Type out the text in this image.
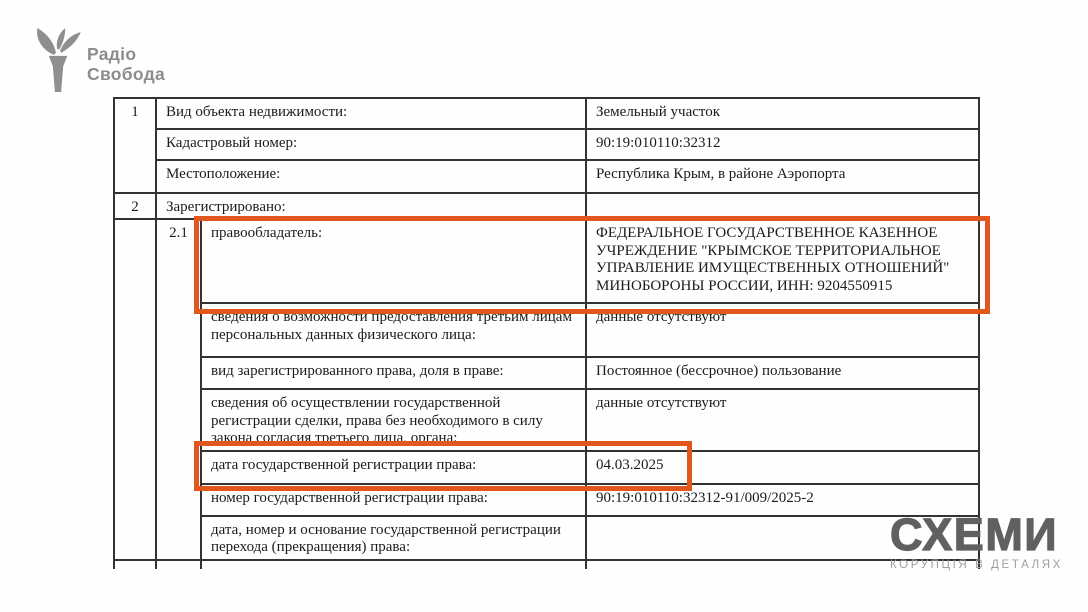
Радіо
Свобода
1	Вид объекта недвижимости:		Земельный участок
	Кадастровый номер:		90:19:010110:32312
	Местоположение:		Республика Крым, в районе Аэропорта
2	Зарегистрировано:		
	2.1	правообладатель:	ФЕДЕРАЛЬНОЕ ГОСУДАРСТВЕННОЕ КАЗЕННОЕ УЧРЕЖДЕНИЕ "КРЫМСКОЕ ТЕРРИТОРИАЛЬНОЕ УПРАВЛЕНИЕ ИМУЩЕСТВЕННЫХ ОТНОШЕНИЙ" МИНОБОРОНЫ РОССИИ, ИНН: 9204550915
		сведения о возможности предоставления третьим лицам персональных данных физического лица:	данные отсутствуют
		вид зарегистрированного права, доля в праве:	Постоянное (бессрочное) пользование
		сведения об осуществлении государственной регистрации сделки, права без необходимого в силу закона согласия третьего лица, органа:	данные отсутствуют
		дата государственной регистрации права:	04.03.2025
		номер государственной регистрации права:	90:19:010110:32312-91/009/2025-2
		дата, номер и основание государственной регистрации перехода (прекращения) права:	
				СХЕМИ
КОРУПЦІЯ В ДЕТАЛЯХ
